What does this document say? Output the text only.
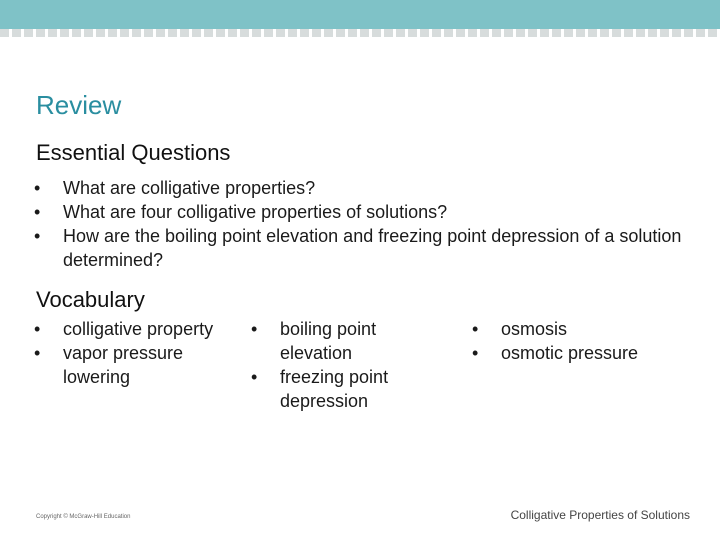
Review
Essential Questions
• What are colligative properties?
• What are four colligative properties of solutions?
• How are the boiling point elevation and freezing point depression of a solution determined?
Vocabulary
• colligative property
• vapor pressure lowering
• boiling point elevation
• freezing point depression
• osmosis
• osmotic pressure
Copyright © McGraw-Hill Education	Colligative Properties of Solutions
